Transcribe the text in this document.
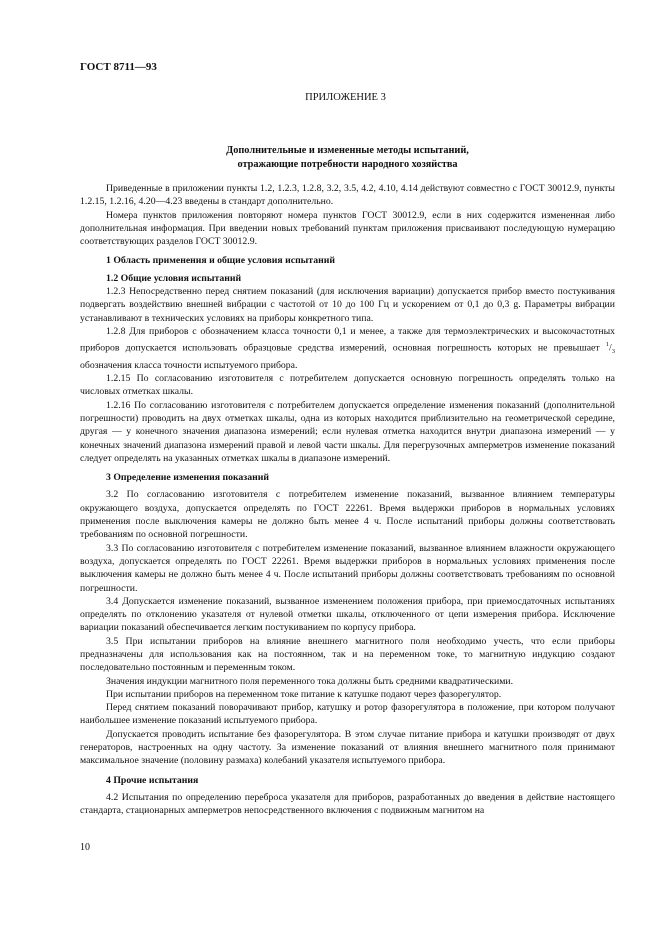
ГОСТ 8711—93
ПРИЛОЖЕНИЕ 3
Дополнительные и измененные методы испытаний,
отражающие потребности народного хозяйства

Приведенные в приложении пункты 1.2, 1.2.3, 1.2.8, 3.2, 3.5, 4.2, 4.10, 4.14 действуют совместно с ГОСТ 30012.9, пункты 1.2.15, 1.2.16, 4.20—4.23 введены в стандарт дополнительно.

Номера пунктов приложения повторяют номера пунктов ГОСТ 30012.9, если в них содержится измененная либо дополнительная информация. При введении новых требований пунктам приложения присваивают последующую нумерацию соответствующих разделов ГОСТ 30012.9.

1 Область применения и общие условия испытаний
1.2 Общие условия испытаний

1.2.3 Непосредственно перед снятием показаний (для исключения вариации) допускается прибор вместо постукивания подвергать воздействию внешней вибрации с частотой от 10 до 100 Гц и ускорением от 0,1 до 0,3 g. Параметры вибрации устанавливают в технических условиях на приборы конкретного типа.

1.2.8 Для приборов с обозначением класса точности 0,1 и менее, а также для термоэлектрических и высокочастотных приборов допускается использовать образцовые средства измерений, основная погрешность которых не превышает $^1/_3$ обозначения класса точности испытуемого прибора.

1.2.15 По согласованию изготовителя с потребителем допускается основную погрешность определять только на числовых отметках шкалы.

1.2.16 По согласованию изготовителя с потребителем допускается определение изменения показаний (дополнительной погрешности) проводить на двух отметках шкалы, одна из которых находится приблизительно на геометрической середине, другая — у конечного значения диапазона измерений; если нулевая отметка находится внутри диапазона измерений — у конечных значений диапазона измерений правой и левой части шкалы. Для перегрузочных амперметров изменение показаний следует определять на указанных отметках шкалы в диапазоне измерений.

3 Определение изменения показаний

3.2 По согласованию изготовителя с потребителем изменение показаний, вызванное влиянием температуры окружающего воздуха, допускается определять по ГОСТ 22261. Время выдержки приборов в нормальных условиях применения после выключения камеры не должно быть менее 4 ч. После испытаний приборы должны соответствовать требованиям по основной погрешности.

3.3 По согласованию изготовителя с потребителем изменение показаний, вызванное влиянием влажности окружающего воздуха, допускается определять по ГОСТ 22261. Время выдержки приборов в нормальных условиях применения после выключения камеры не должно быть менее 4 ч. После испытаний приборы должны соответствовать требованиям по основной погрешности.

3.4 Допускается изменение показаний, вызванное изменением положения прибора, при приемосдаточных испытаниях определять по отклонению указателя от нулевой отметки шкалы, отключенного от цепи измерения прибора. Исключение вариации показаний обеспечивается легким постукиванием по корпусу прибора.

3.5 При испытании приборов на влияние внешнего магнитного поля необходимо учесть, что если приборы предназначены для использования как на постоянном, так и на переменном токе, то магнитную индукцию создают последовательно постоянным и переменным током.

Значения индукции магнитного поля переменного тока должны быть средними квадратическими.

При испытании приборов на переменном токе питание к катушке подают через фазорегулятор.

Перед снятием показаний поворачивают прибор, катушку и ротор фазорегулятора в положение, при котором получают наибольшее изменение показаний испытуемого прибора.

Допускается проводить испытание без фазорегулятора. В этом случае питание прибора и катушки производят от двух генераторов, настроенных на одну частоту. За изменение показаний от влияния внешнего магнитного поля принимают максимальное значение (половину размаха) колебаний указателя испытуемого прибора.

4 Прочие испытания

4.2 Испытания по определению переброса указателя для приборов, разработанных до введения в действие настоящего стандарта, стационарных амперметров непосредственного включения с подвижным магнитом на

10
